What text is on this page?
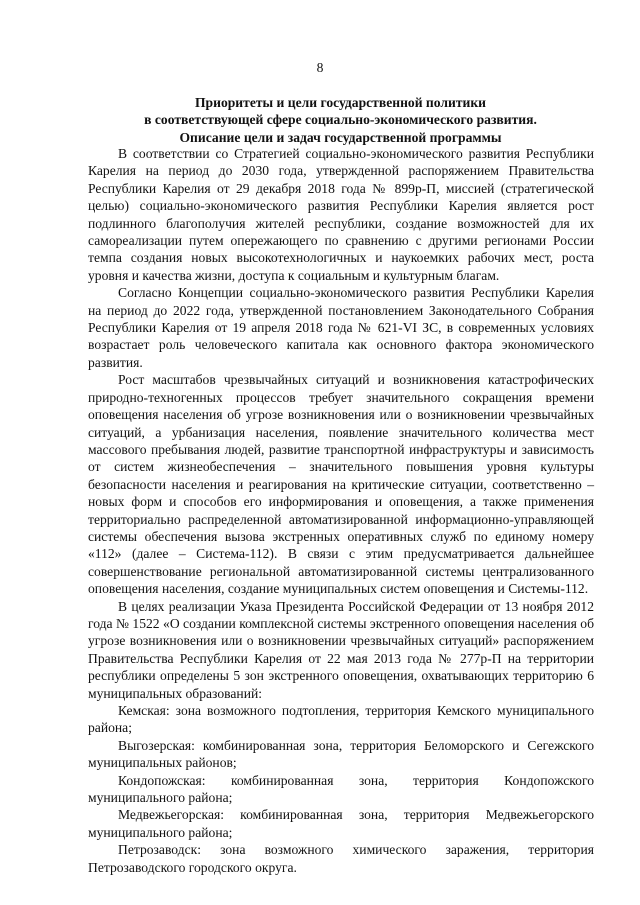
8
Приоритеты и цели государственной политики
в соответствующей сфере социально-экономического развития.
Описание цели и задач государственной программы

В соответствии со Стратегией социально-экономического развития Республики Карелия на период до 2030 года, утвержденной распоряжением Правительства Республики Карелия от 29 декабря 2018 года № 899р-П, миссией (стратегической целью) социально-экономического развития Республики Карелия является рост подлинного благополучия жителей республики, создание возможностей для их самореализации путем опережающего по сравнению с другими регионами России темпа создания новых высокотехнологичных и наукоемких рабочих мест, роста уровня и качества жизни, доступа к социальным и культурным благам.

Согласно Концепции социально-экономического развития Республики Карелия на период до 2022 года, утвержденной постановлением Законодательного Собрания Республики Карелия от 19 апреля 2018 года № 621-VI ЗС, в современных условиях возрастает роль человеческого капитала как основного фактора экономического развития.

Рост масштабов чрезвычайных ситуаций и возникновения катастрофических природно-техногенных процессов требует значительного сокращения времени оповещения населения об угрозе возникновения или о возникновении чрезвычайных ситуаций, а урбанизация населения, появление значительного количества мест массового пребывания людей, развитие транспортной инфраструктуры и зависимость от систем жизнеобеспечения – значительного повышения уровня культуры безопасности населения и реагирования на критические ситуации, соответственно – новых форм и способов его информирования и оповещения, а также применения территориально распределенной автоматизированной информационно-управляющей системы обеспечения вызова экстренных оперативных служб по единому номеру «112» (далее – Система-112). В связи с этим предусматривается дальнейшее совершенствование региональной автоматизированной системы централизованного оповещения населения, создание муниципальных систем оповещения и Системы-112.

В целях реализации Указа Президента Российской Федерации от 13 ноября 2012 года № 1522 «О создании комплексной системы экстренного оповещения населения об угрозе возникновения или о возникновении чрезвычайных ситуаций» распоряжением Правительства Республики Карелия от 22 мая 2013 года № 277р-П на территории республики определены 5 зон экстренного оповещения, охватывающих территорию 6 муниципальных образований:

Кемская: зона возможного подтопления, территория Кемского муниципального района;

Выгозерская: комбинированная зона, территория Беломорского и Сегежского муниципальных районов;

Кондопожская: комбинированная зона, территория Кондопожского муниципального района;

Медвежьегорская: комбинированная зона, территория Медвежьегорского муниципального района;

Петрозаводск: зона возможного химического заражения, территория Петрозаводского городского округа.
